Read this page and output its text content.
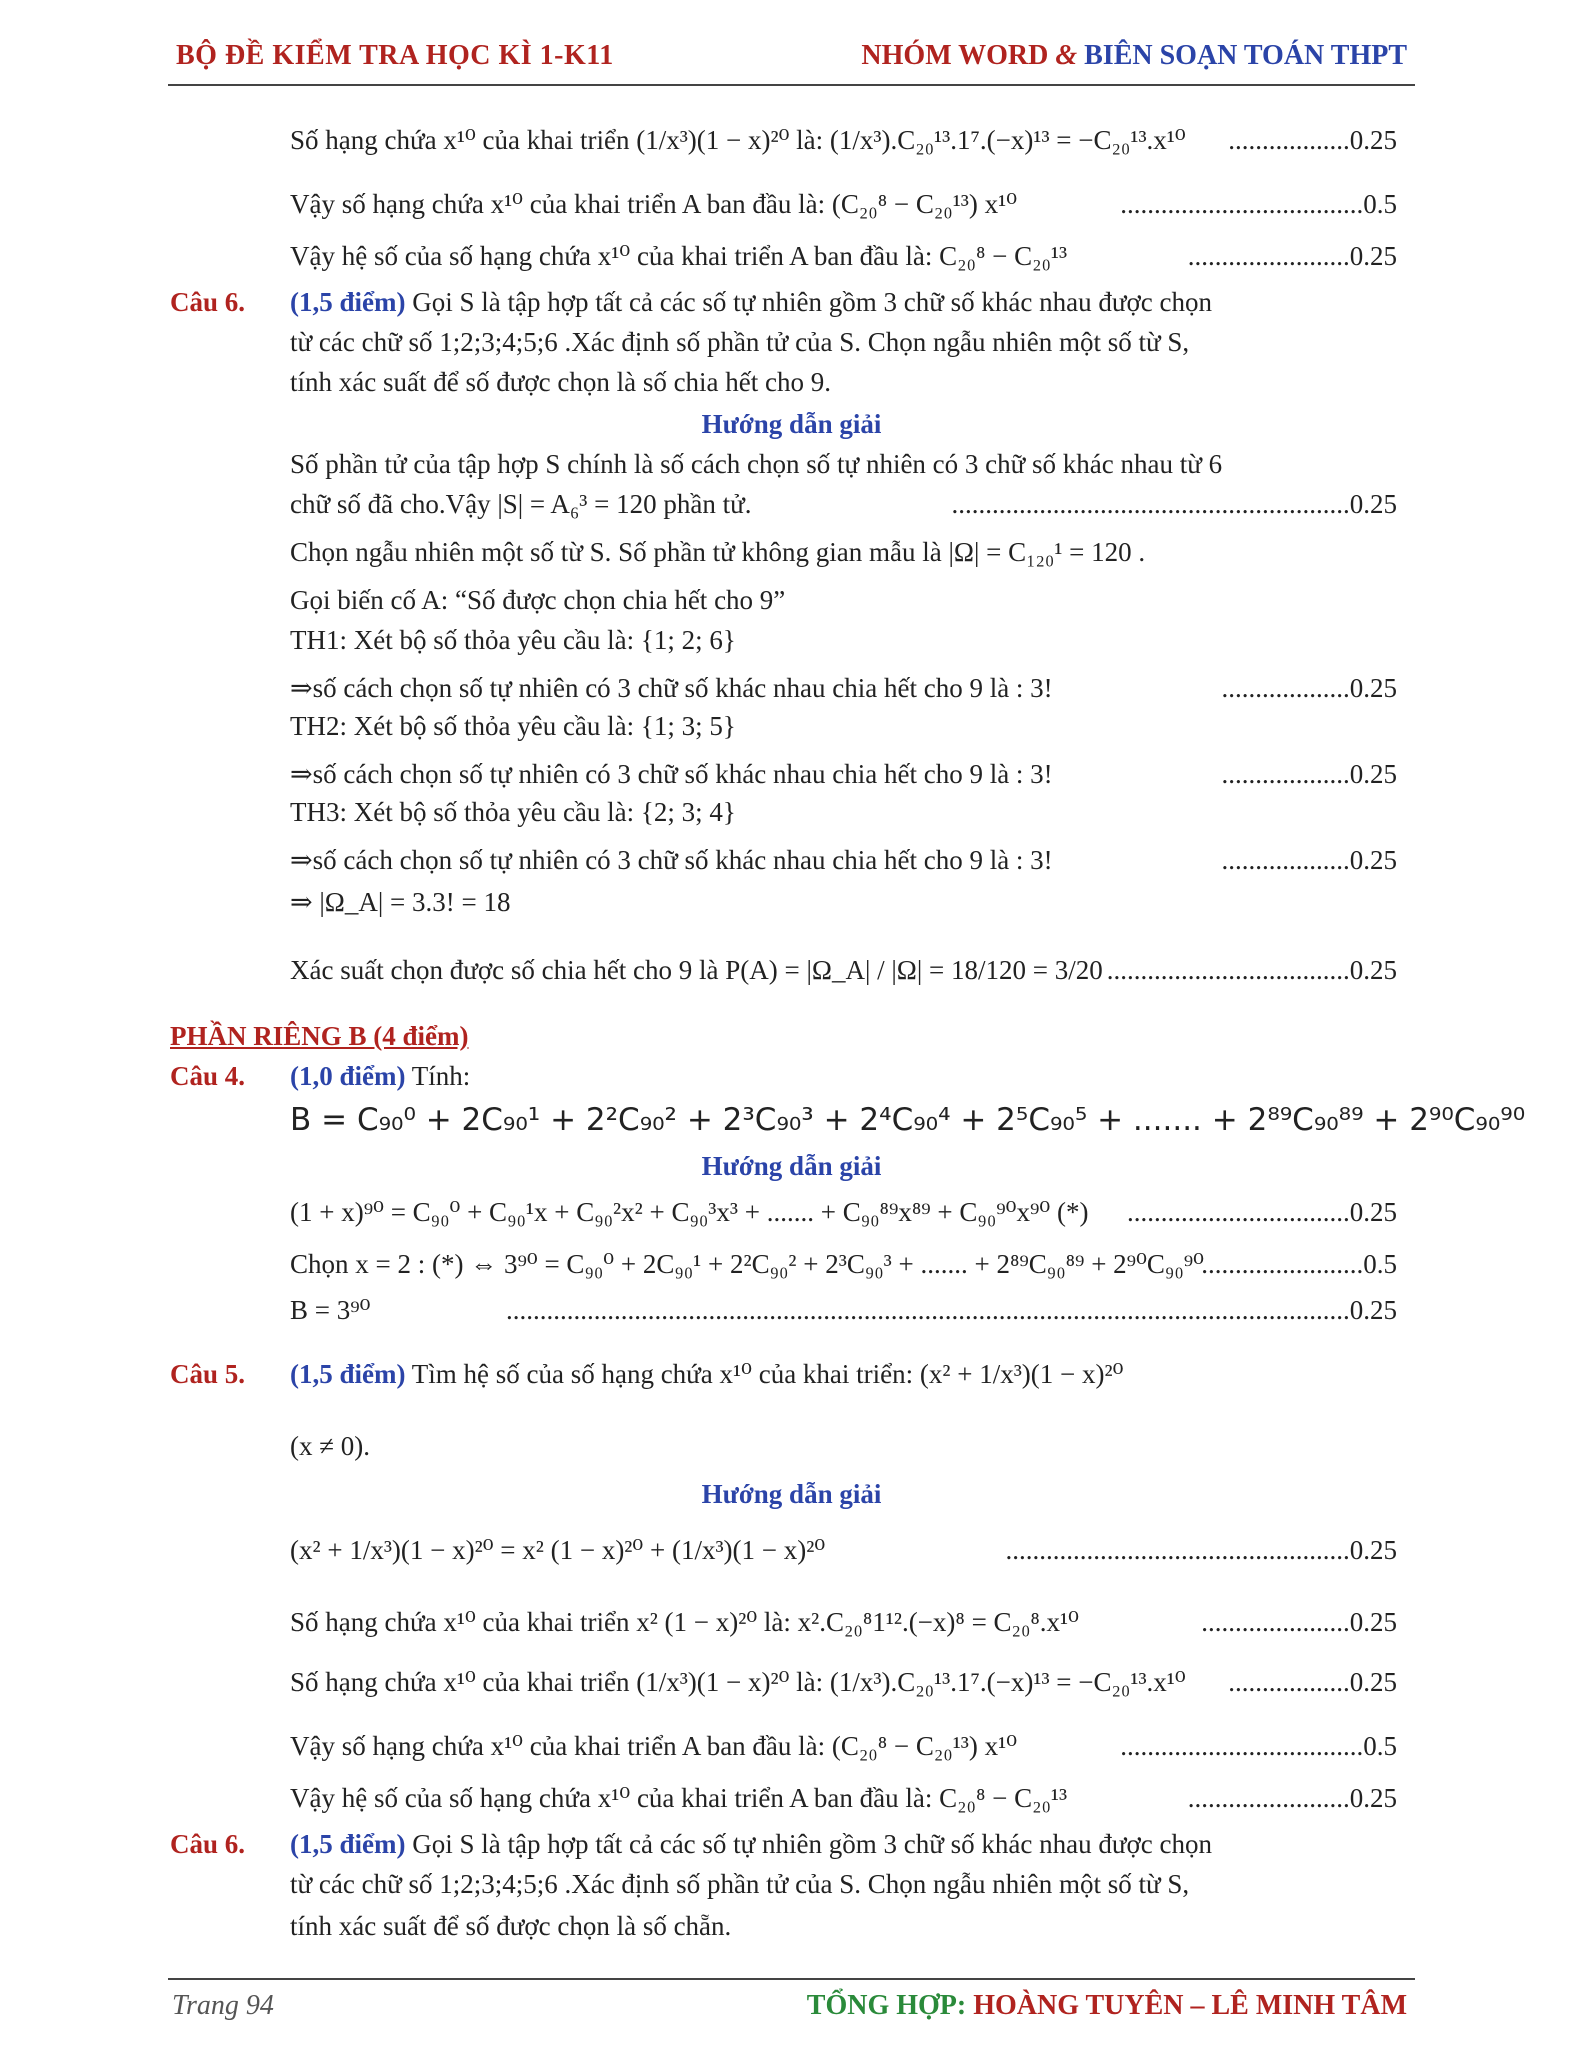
BỘ ĐỀ KIỂM TRA HỌC KÌ 1-K11	NHÓM WORD & BIÊN SOẠN TOÁN THPT
Số hạng chứa x¹⁰ của khai triển (1/x³)(1 − x)²⁰ là: (1/x³).C₂₀¹³.1⁷.(−x)¹³ = −C₂₀¹³.x¹⁰ ..................0.25
Vậy số hạng chứa x¹⁰ của khai triển A ban đầu là: (C₂₀⁸ − C₂₀¹³) x¹⁰	....................................0.5
Vậy hệ số của số hạng chứa x¹⁰ của khai triển A ban đầu là: C₂₀⁸ − C₂₀¹³	........................0.25
Câu 6. (1,5 điểm) Gọi S là tập hợp tất cả các số tự nhiên gồm 3 chữ số khác nhau được chọn
từ các chữ số 1;2;3;4;5;6 .Xác định số phần tử của S. Chọn ngẫu nhiên một số từ S,
tính xác suất để số được chọn là số chia hết cho 9.
Hướng dẫn giải
Số phần tử của tập hợp S chính là số cách chọn số tự nhiên có 3 chữ số khác nhau từ 6
chữ số đã cho.Vậy |S| = A₆³ = 120 phần tử.	...........................................................0.25
Chọn ngẫu nhiên một số từ S. Số phần tử không gian mẫu là |Ω| = C₁₂₀¹ = 120 .
Gọi biến cố A: “Số được chọn chia hết cho 9”
TH1: Xét bộ số thỏa yêu cầu là: {1; 2; 6}
⇒số cách chọn số tự nhiên có 3 chữ số khác nhau chia hết cho 9 là : 3!	...................0.25
TH2: Xét bộ số thỏa yêu cầu là: {1; 3; 5}
⇒số cách chọn số tự nhiên có 3 chữ số khác nhau chia hết cho 9 là : 3!	...................0.25
TH3: Xét bộ số thỏa yêu cầu là: {2; 3; 4}
⇒số cách chọn số tự nhiên có 3 chữ số khác nhau chia hết cho 9 là : 3!	...................0.25
⇒ |Ω_A| = 3.3! = 18
Xác suất chọn được số chia hết cho 9 là P(A) = |Ω_A| / |Ω| = 18/120 = 3/20 ....................................0.25
PHẦN RIÊNG B (4 điểm)
Câu 4. (1,0 điểm) Tính:
B = C₉₀⁰ + 2C₉₀¹ + 2²C₉₀² + 2³C₉₀³ + 2⁴C₉₀⁴ + 2⁵C₉₀⁵ + ....... + 2⁸⁹C₉₀⁸⁹ + 2⁹⁰C₉₀⁹⁰
Hướng dẫn giải
(1 + x)⁹⁰ = C₉₀⁰ + C₉₀¹x + C₉₀²x² + C₉₀³x³ + ....... + C₉₀⁸⁹x⁸⁹ + C₉₀⁹⁰x⁹⁰ (*) .................................0.25
Chọn x = 2 : (*) ⇔ 3⁹⁰ = C₉₀⁰ + 2C₉₀¹ + 2²C₉₀² + 2³C₉₀³ + ....... + 2⁸⁹C₉₀⁸⁹ + 2⁹⁰C₉₀⁹⁰
........................0.5
B = 3⁹⁰	.............................................................................................................................0.25
Câu 5. (1,5 điểm) Tìm hệ số của số hạng chứa x¹⁰ của khai triển: (x² + 1/x³)(1 − x)²⁰
(x ≠ 0).
Hướng dẫn giải
(x² + 1/x³)(1 − x)²⁰ = x² (1 − x)²⁰ + (1/x³)(1 − x)²⁰	...................................................0.25
Số hạng chứa x¹⁰ của khai triển x² (1 − x)²⁰ là: x².C₂₀⁸1¹².(−x)⁸ = C₂₀⁸.x¹⁰	......................0.25
Số hạng chứa x¹⁰ của khai triển (1/x³)(1 − x)²⁰ là: (1/x³).C₂₀¹³.1⁷.(−x)¹³ = −C₂₀¹³.x¹⁰ ..................0.25
Vậy số hạng chứa x¹⁰ của khai triển A ban đầu là: (C₂₀⁸ − C₂₀¹³) x¹⁰	....................................0.5
Vậy hệ số của số hạng chứa x¹⁰ của khai triển A ban đầu là: C₂₀⁸ − C₂₀¹³	........................0.25
Câu 6. (1,5 điểm) Gọi S là tập hợp tất cả các số tự nhiên gồm 3 chữ số khác nhau được chọn
từ các chữ số 1;2;3;4;5;6 .Xác định số phần tử của S. Chọn ngẫu nhiên một số từ S,
tính xác suất để số được chọn là số chẵn.
Trang 94	TỔNG HỢP: HOÀNG TUYÊN – LÊ MINH TÂM
